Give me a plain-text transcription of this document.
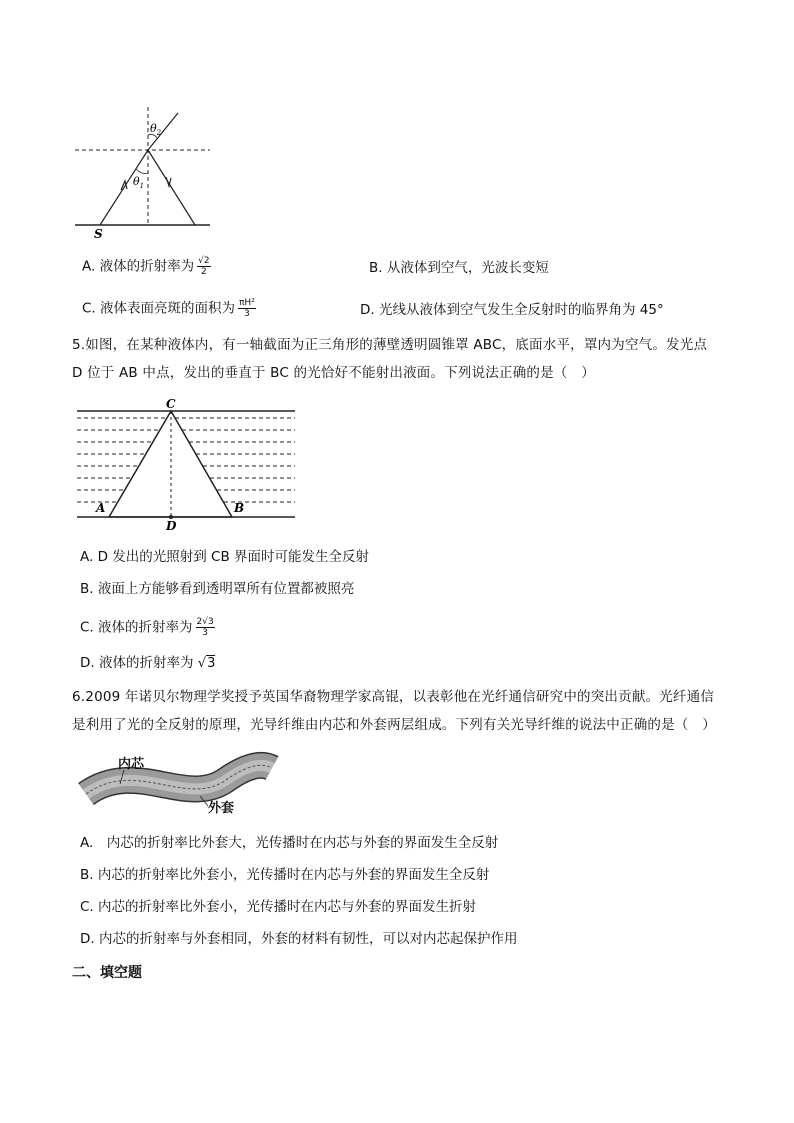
$\theta_2$
$\theta_1$
S
A. 液体的折射率为 $\frac{√2}{2}$	B. 从液体到空气，光波长变短
C. 液体表面亮斑的面积为 $\frac{\text{πH²}}{3}$	D. 光线从液体到空气发生全反射时的临界角为 45°
5.如图，在某种液体内，有一轴截面为正三角形的薄壁透明圆锥罩 ABC，底面水平，罩内为空气。发光点 D 位于 AB 中点，发出的垂直于 BC 的光恰好不能射出液面。下列说法正确的是（　）
C
A	B
D
A. D 发出的光照射到 CB 界面时可能发生全反射
B. 液面上方能够看到透明罩所有位置都被照亮
C. 液体的折射率为 $\frac{2√3}{3}$
D. 液体的折射率为 √3
6.2009 年诺贝尔物理学奖授予英国华裔物理学家高锟，以表彰他在光纤通信研究中的突出贡献。光纤通信是利用了光的全反射的原理，光导纤维由内芯和外套两层组成。下列有关光导纤维的说法中正确的是（　）
内芯
外套
A.　内芯的折射率比外套大，光传播时在内芯与外套的界面发生全反射
B. 内芯的折射率比外套小，光传播时在内芯与外套的界面发生全反射
C. 内芯的折射率比外套小，光传播时在内芯与外套的界面发生折射
D. 内芯的折射率与外套相同，外套的材料有韧性，可以对内芯起保护作用
二、填空题
